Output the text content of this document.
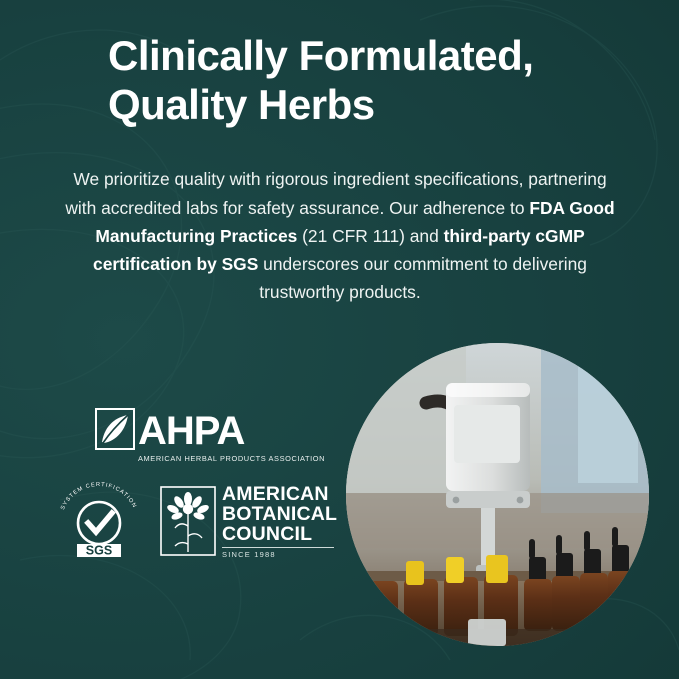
Clinically Formulated,
Quality Herbs

We prioritize quality with rigorous ingredient specifications, partnering with accredited labs for safety assurance. Our adherence to FDA Good Manufacturing Practices (21 CFR 111) and third-party cGMP certification by SGS underscores our commitment to delivering trustworthy products.

AHPA
AMERICAN HERBAL PRODUCTS ASSOCIATION
SYSTEM CERTIFICATION
SGS
AMERICAN
BOTANICAL
COUNCIL
SINCE 1988
